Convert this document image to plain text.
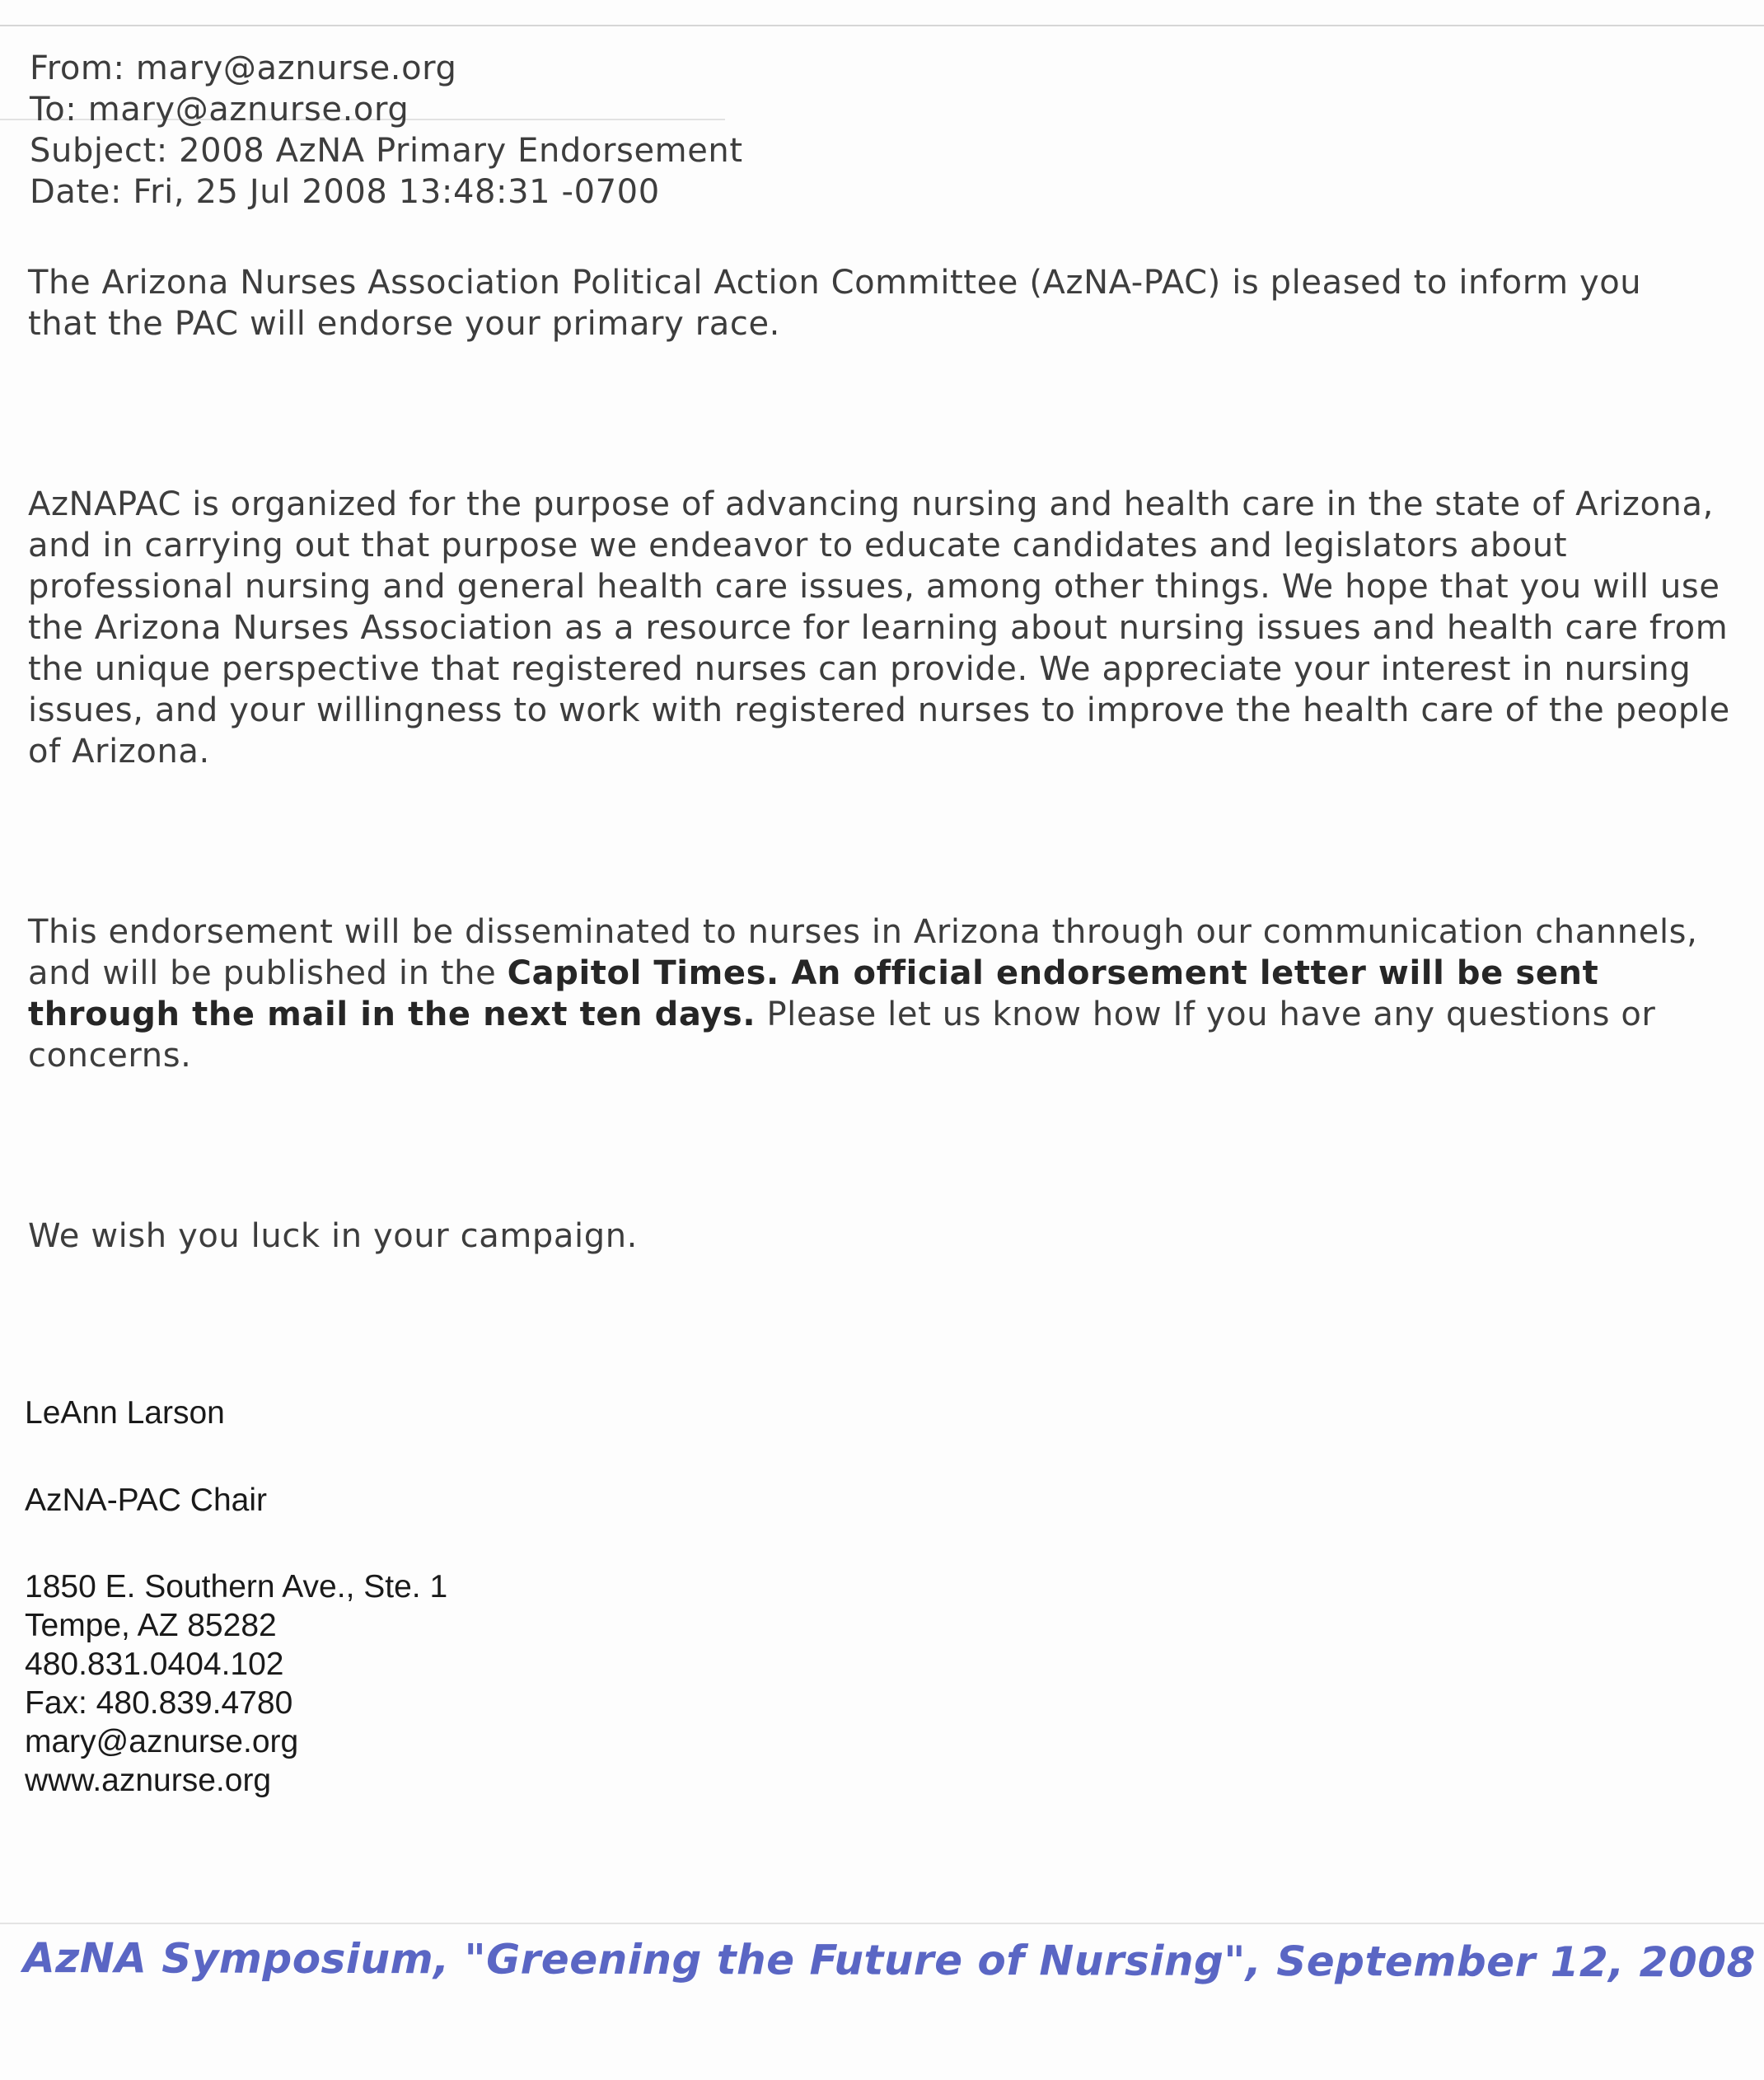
From: mary@aznurse.org
To: mary@aznurse.org
Subject: 2008 AzNA Primary Endorsement
Date: Fri, 25 Jul 2008 13:48:31 -0700
The Arizona Nurses Association Political Action Committee (AzNA-PAC) is pleased to inform you that the PAC will endorse your primary race.
AzNAPAC is organized for the purpose of advancing nursing and health care in the state of Arizona, and in carrying out that purpose we endeavor to educate candidates and legislators about professional nursing and general health care issues, among other things. We hope that you will use the Arizona Nurses Association as a resource for learning about nursing issues and health care from the unique perspective that registered nurses can provide. We appreciate your interest in nursing issues, and your willingness to work with registered nurses to improve the health care of the people of Arizona.
This endorsement will be disseminated to nurses in Arizona through our communication channels, and will be published in the Capitol Times. An official endorsement letter will be sent through the mail in the next ten days. Please let us know how If you have any questions or concerns.
We wish you luck in your campaign.
LeAnn Larson
AzNA-PAC Chair
1850 E. Southern Ave., Ste. 1
Tempe, AZ 85282
480.831.0404.102
Fax: 480.839.4780
mary@aznurse.org
www.aznurse.org
AzNA Symposium, "Greening the Future of Nursing", September 12, 2008
